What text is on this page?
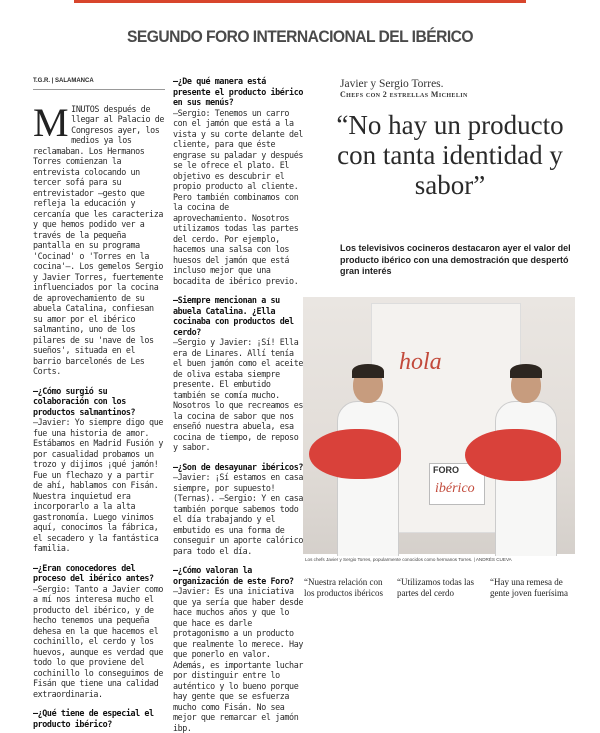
SEGUNDO FORO INTERNACIONAL DEL IBÉRICO
T.G.R. | SALAMANCA
M INUTOS después de llegar al Palacio de Congresos ayer, los medios ya los reclamaban. Los Hermanos Torres comienzan la entrevista colocando un tercer sofá para su entrevistador —gesto que refleja la educación y cercanía que les caracteriza y que hemos podido ver a través de la pequeña pantalla en su programa 'Cocinad' o 'Torres en la cocina'—. Los gemelos Sergio y Javier Torres, fuertemente influenciados por la cocina de aprovechamiento de su abuela Catalina, confiesan su amor por el ibérico salmantino, uno de los pilares de su 'nave de los sueños', situada en el barrio barcelonés de Les Corts.
—¿Cómo surgió su colaboración con los productos salmantinos?
—Javier: Yo siempre digo que fue una historia de amor. Estábamos en Madrid Fusión y por casualidad probamos un trozo y dijimos ¡qué jamón! Fue un flechazo y a partir de ahí, hablamos con Fisán. Nuestra inquietud era incorporarlo a la alta gastronomía. Luego vinimos aquí, conocimos la fábrica, el secadero y la fantástica familia.
—¿Eran conocedores del proceso del ibérico antes?
—Sergio: Tanto a Javier como a mí nos interesa mucho el producto del ibérico, y de hecho tenemos una pequeña dehesa en la que hacemos el cochinillo, el cerdo y los huevos, aunque es verdad que todo lo que proviene del cochinillo lo conseguimos de Fisán que tiene una calidad extraordinaria.
—¿Qué tiene de especial el producto ibérico?
—¿De qué manera está presente el producto ibérico en sus menús?
—Sergio: Tenemos un carro con el jamón que está a la vista y su corte delante del cliente, para que éste engrase su paladar y después se le ofrece el plato. El objetivo es descubrir el propio producto al cliente. Pero también combinamos con la cocina de aprovechamiento. Nosotros utilizamos todas las partes del cerdo. Por ejemplo, hacemos una salsa con los huesos del jamón que está incluso mejor que una bocadita de ibérico previo.
—Siempre mencionan a su abuela Catalina. ¿Ella cocinaba con productos del cerdo?
—Sergio y Javier: ¡Sí! Ella era de Linares. Allí tenía el buen jamón como el aceite de oliva estaba siempre presente. El embutido también se comía mucho. Nosotros lo que recreamos es la cocina de sabor que nos enseñó nuestra abuela, esa cocina de tiempo, de reposo y sabor.
—¿Son de desayunar ibéricos?
—Javier: ¡Sí estamos en casa siempre, por supuesto! (Ternas). —Sergio: Y en casa también porque sabemos todo el día trabajando y el embutido es una forma de conseguir un aporte calórico para todo el día.
—¿Cómo valoran la organización de este Foro?
—Javier: Es una iniciativa que ya sería que haber desde hace muchos años y que lo que hace es darle protagonismo a un producto que realmente lo merece. Hay que ponerlo en valor. Además, es importante luchar por distinguir entre lo auténtico y lo bueno porque hay gente que se esfuerza mucho como Fisán. No sea mejor que remarcar el jamón ibp.
Javier y Sergio Torres.
Chefs con 2 estrellas Michelin
“No hay un producto con tanta identidad y sabor”
Los televisivos cocineros destacaron ayer el valor del producto ibérico con una demostración que despertó gran interés
hola
FORO
ibérico
Los chefs Javier y Sergio Torres, popularmente conocidos como hermanos Torres. | ANDRÉS CUEVA
“Nuestra relación con los productos ibéricos
“Utilizamos todas las partes del cerdo
“Hay una remesa de gente joven fuerísima
